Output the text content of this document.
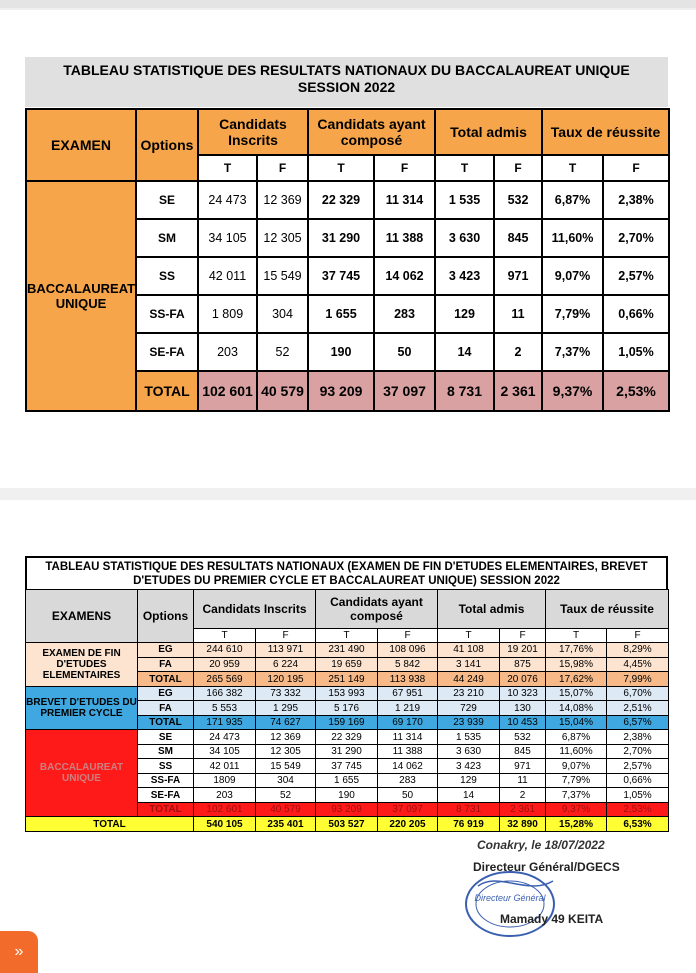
TABLEAU STATISTIQUE DES RESULTATS NATIONAUX DU BACCALAUREAT UNIQUE
SESSION 2022
EXAMEN	Options	Candidats Inscrits		Candidats ayant composé		Total admis		Taux de réussite	
		T	F	T	F	T	F	T	F
BACCALAUREAT UNIQUE	SE	24 473	12 369	22 329	11 314	1 535	532	6,87%	2,38%
	SM	34 105	12 305	31 290	11 388	3 630	845	11,60%	2,70%
	SS	42 011	15 549	37 745	14 062	3 423	971	9,07%	2,57%
	SS-FA	1 809	304	1 655	283	129	11	7,79%	0,66%
	SE-FA	203	52	190	50	14	2	7,37%	1,05%
	TOTAL	102 601	40 579	93 209	37 097	8 731	2 361	9,37%	2,53%
TABLEAU STATISTIQUE DES RESULTATS NATIONAUX (EXAMEN DE FIN D'ETUDES ELEMENTAIRES, BREVET
D'ETUDES DU PREMIER CYCLE ET BACCALAUREAT UNIQUE) SESSION 2022
EXAMENS	Options	Candidats Inscrits		Candidats ayant composé		Total admis		Taux de réussite	
		T	F	T	F	T	F	T	F
EXAMEN DE FIN D'ETUDES ELEMENTAIRES	EG	244 610	113 971	231 490	108 096	41 108	19 201	17,76%	8,29%
	FA	20 959	6 224	19 659	5 842	3 141	875	15,98%	4,45%
	TOTAL	265 569	120 195	251 149	113 938	44 249	20 076	17,62%	7,99%
BREVET D'ETUDES DU PREMIER CYCLE	EG	166 382	73 332	153 993	67 951	23 210	10 323	15,07%	6,70%
	FA	5 553	1 295	5 176	1 219	729	130	14,08%	2,51%
	TOTAL	171 935	74 627	159 169	69 170	23 939	10 453	15,04%	6,57%
BACCALAUREAT UNIQUE	SE	24 473	12 369	22 329	11 314	1 535	532	6,87%	2,38%
	SM	34 105	12 305	31 290	11 388	3 630	845	11,60%	2,70%
	SS	42 011	15 549	37 745	14 062	3 423	971	9,07%	2,57%
	SS-FA	1809	304	1 655	283	129	11	7,79%	0,66%
	SE-FA	203	52	190	50	14	2	7,37%	1,05%
	TOTAL	102 601	40 579	93 209	37 097	8 731	2 361	9,37%	2,53%
TOTAL		540 105	235 401	503 527	220 205	76 919	32 890	15,28%	6,53%
Conakry, le 18/07/2022
Directeur Général/DGECS
Directeur Général
Mamady 49 KEITA
»
